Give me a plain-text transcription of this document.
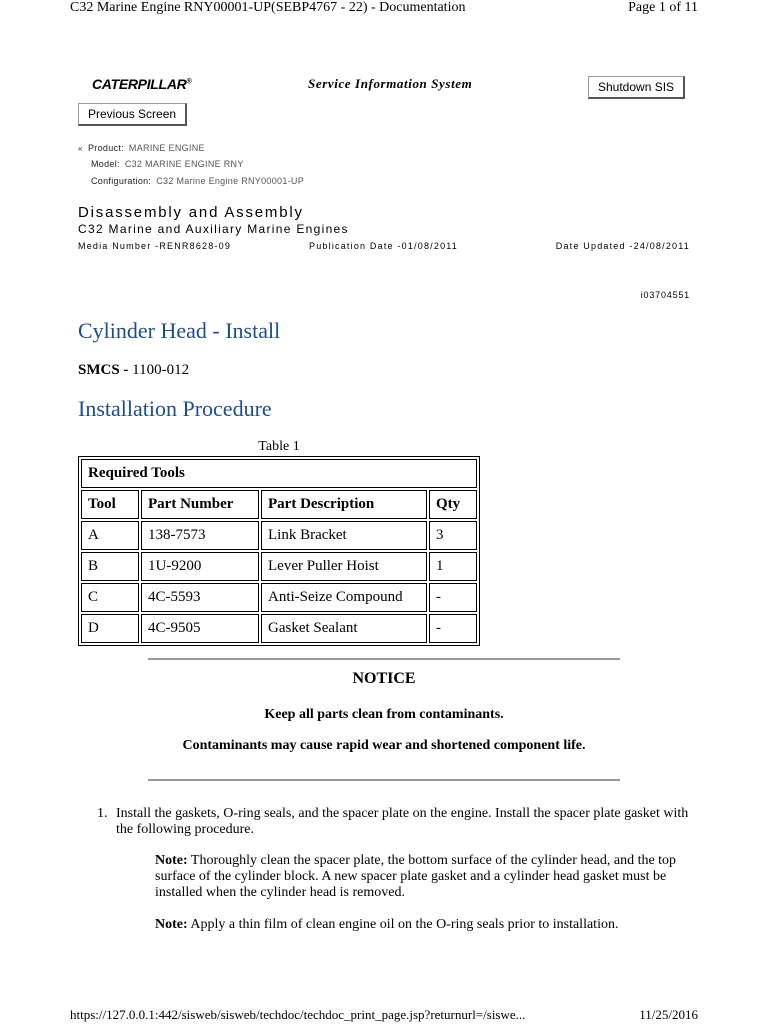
C32 Marine Engine RNY00001-UP(SEBP4767 - 22) - Documentation	Page 1 of 11
CATERPILLAR®	Service Information System	Shutdown SIS
Previous Screen
« Product: MARINE ENGINE
Model: C32 MARINE ENGINE RNY
Configuration: C32 Marine Engine RNY00001-UP
Disassembly and Assembly
C32 Marine and Auxiliary Marine Engines
Media Number -RENR8628-09	Publication Date -01/08/2011	Date Updated -24/08/2011
i03704551
Cylinder Head - Install
SMCS - 1100-012
Installation Procedure
Table 1
Required Tools			
Tool	Part Number	Part Description	Qty
A	138-7573	Link Bracket	3
B	1U-9200	Lever Puller Hoist	1
C	4C-5593	Anti-Seize Compound	-
D	4C-9505	Gasket Sealant	-
NOTICE
Keep all parts clean from contaminants.
Contaminants may cause rapid wear and shortened component life.
1. Install the gaskets, O-ring seals, and the spacer plate on the engine. Install the spacer plate gasket with the following procedure.
Note: Thoroughly clean the spacer plate, the bottom surface of the cylinder head, and the top surface of the cylinder block. A new spacer plate gasket and a cylinder head gasket must be installed when the cylinder head is removed.
Note: Apply a thin film of clean engine oil on the O-ring seals prior to installation.
https://127.0.0.1:442/sisweb/sisweb/techdoc/techdoc_print_page.jsp?returnurl=/siswe...	11/25/2016
